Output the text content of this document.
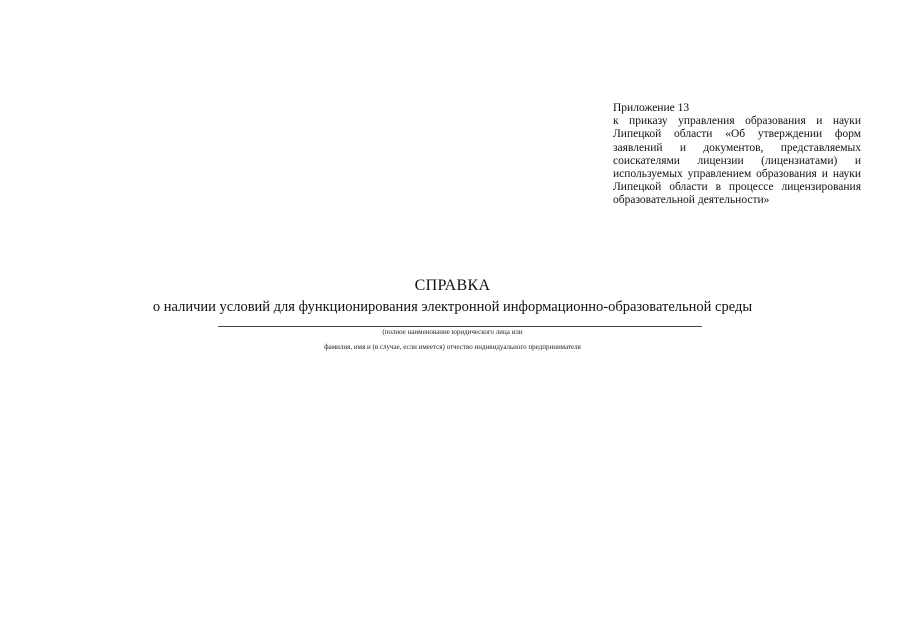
Приложение 13
к приказу управления образования и науки Липецкой области «Об утверждении форм заявлений и документов, представляемых соискателями лицензии (лицензиатами) и используемых управлением образования и науки Липецкой области в процессе лицензирования образовательной деятельности»
СПРАВКА
о наличии условий для функционирования электронной информационно-образовательной среды
(полное наименование юридического лица или
фамилия, имя и (в случае, если имеется) отчество индивидуального предпринимателя
